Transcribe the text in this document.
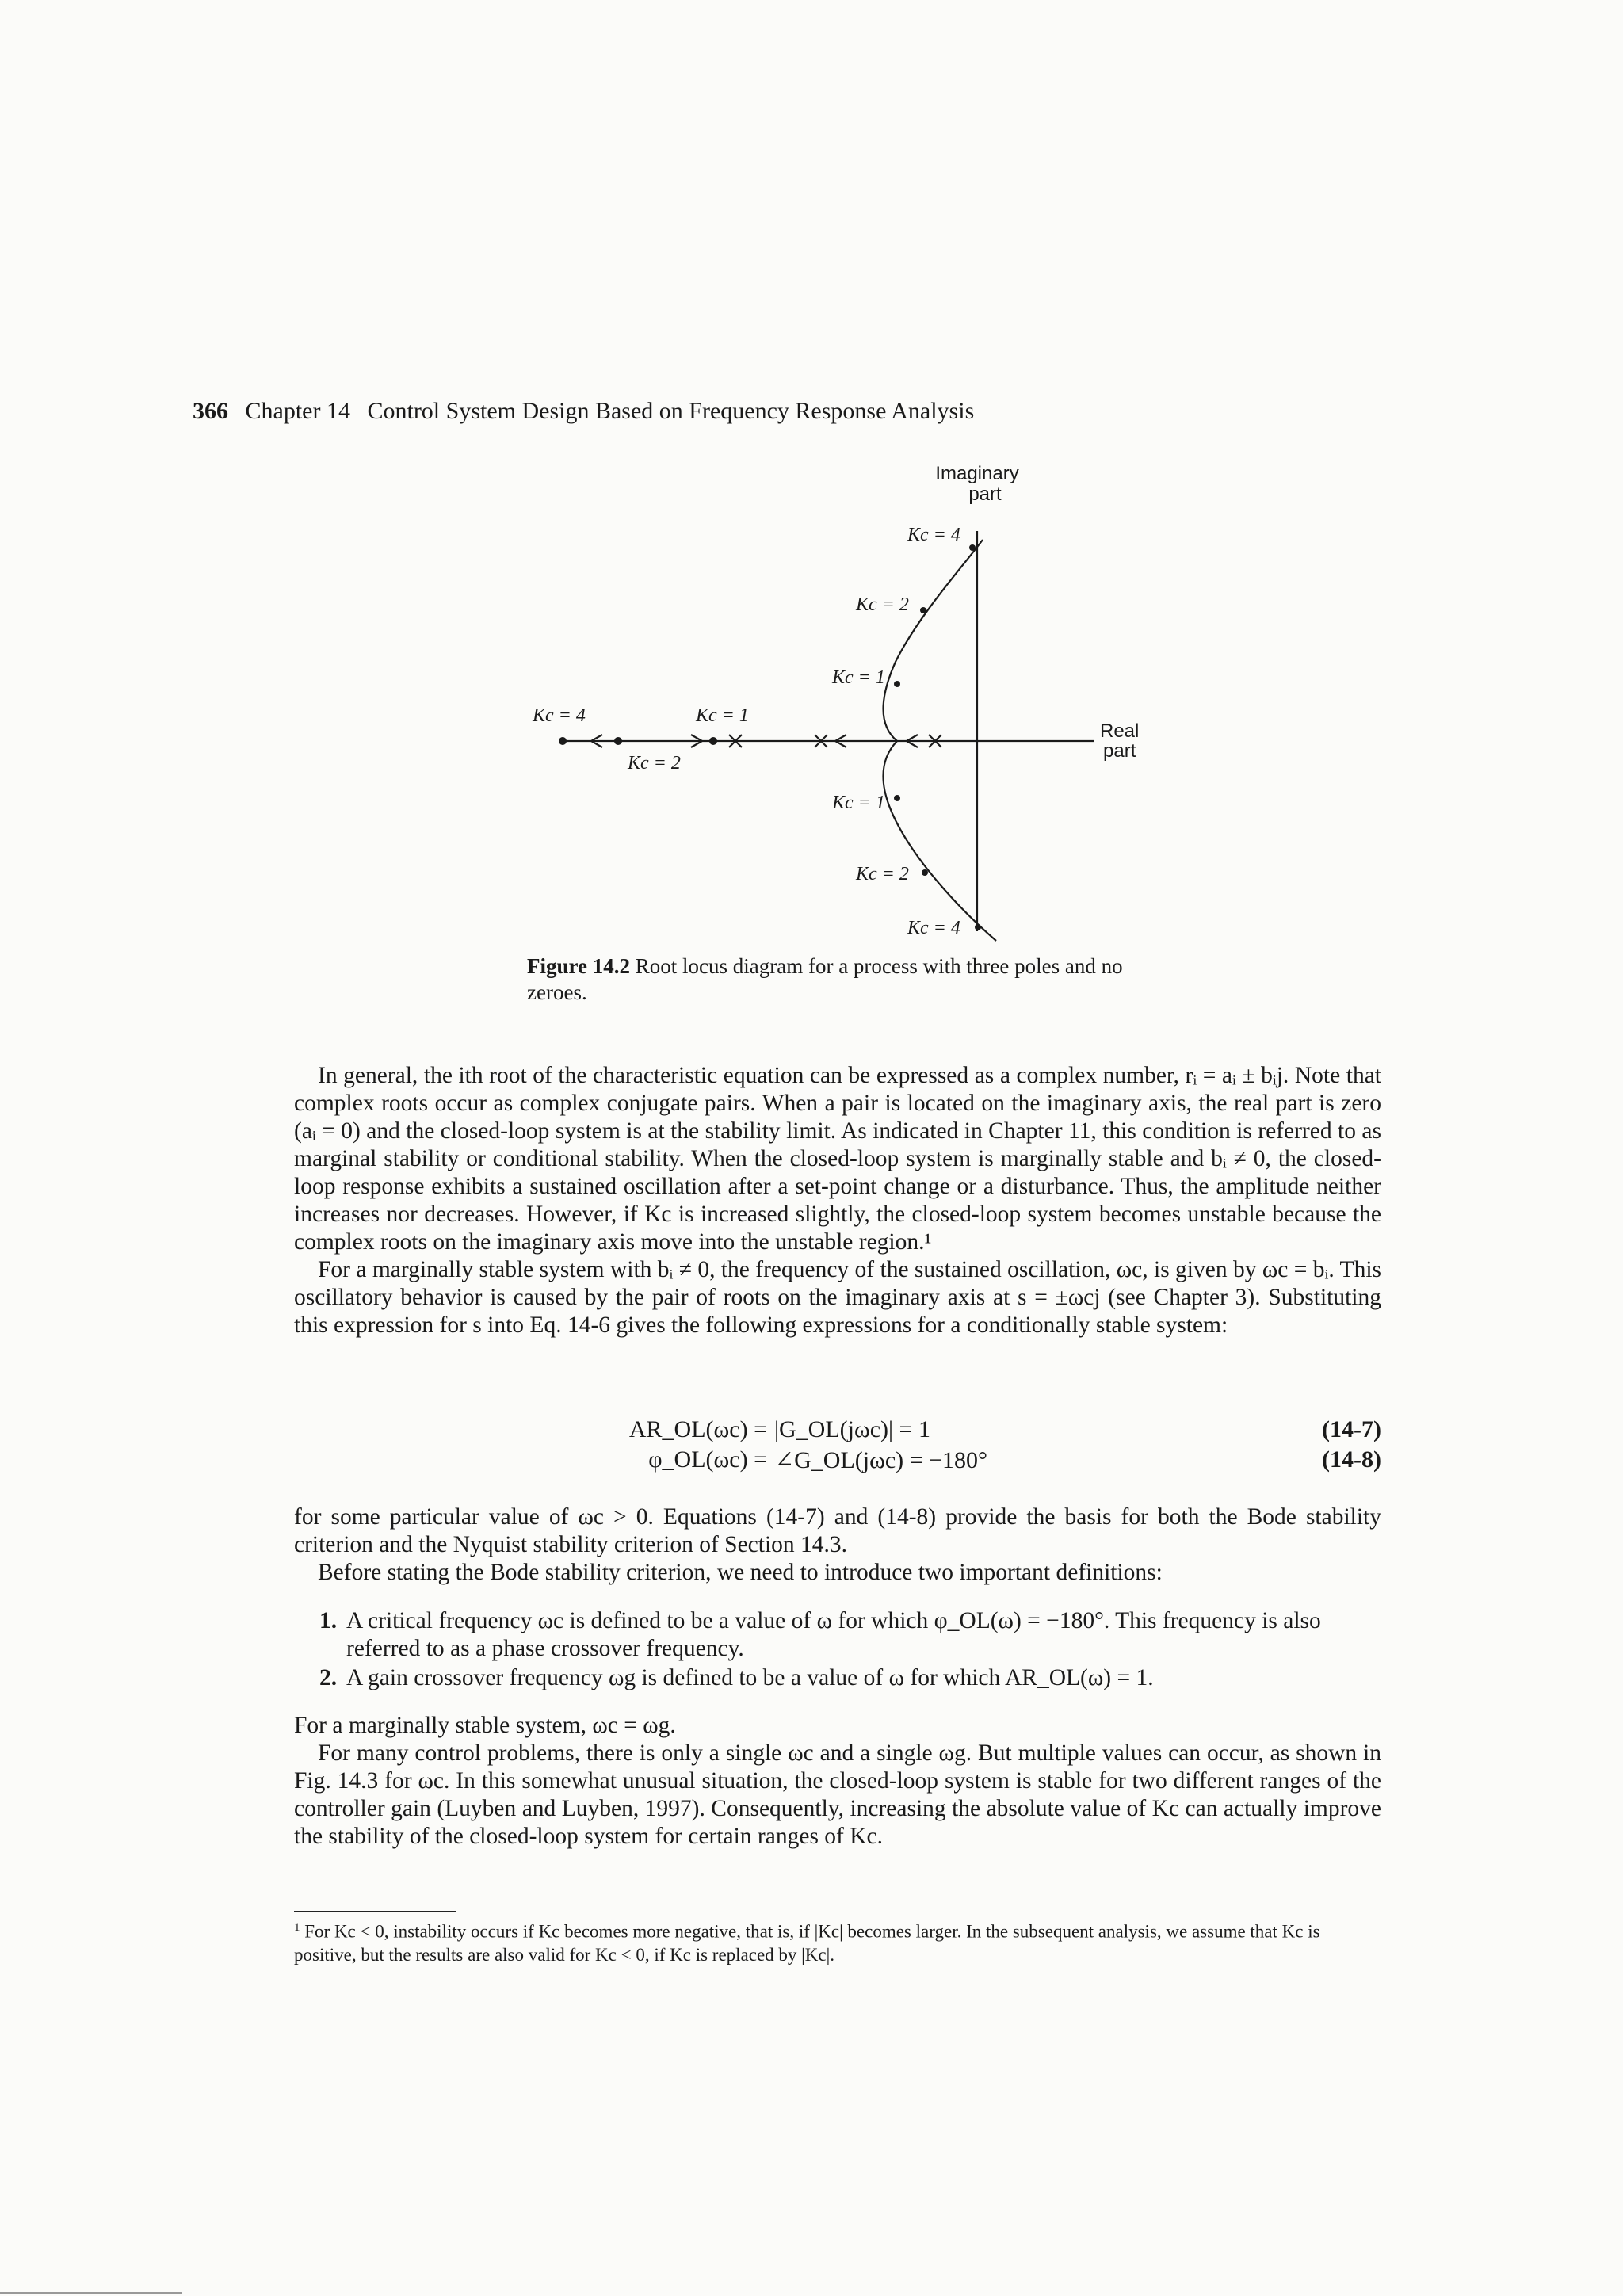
366 Chapter 14 Control System Design Based on Frequency Response Analysis
Imaginary
part
Real
part
Kc = 4
Kc = 2
Kc = 1
Kc = 1
Kc = 2
Kc = 4
Kc = 4	Kc = 1
Kc = 2
Figure 14.2 Root locus diagram for a process with three poles and no zeroes.

In general, the ith root of the characteristic equation can be expressed as a complex number, rᵢ = aᵢ ± bᵢj. Note that complex roots occur as complex conjugate pairs. When a pair is located on the imaginary axis, the real part is zero (aᵢ = 0) and the closed-loop system is at the stability limit. As indicated in Chapter 11, this condition is referred to as marginal stability or conditional stability. When the closed-loop system is marginally stable and bᵢ ≠ 0, the closed-loop response exhibits a sustained oscillation after a set-point change or a disturbance. Thus, the amplitude neither increases nor decreases. However, if Kc is increased slightly, the closed-loop system becomes unstable because the complex roots on the imaginary axis move into the unstable region.¹

For a marginally stable system with bᵢ ≠ 0, the frequency of the sustained oscillation, ωc, is given by ωc = bᵢ. This oscillatory behavior is caused by the pair of roots on the imaginary axis at s = ±ωcj (see Chapter 3). Substituting this expression for s into Eq. 14-6 gives the following expressions for a conditionally stable system:

AR_OL(ωc) = |G_OL(jωc)| = 1	(14-7)
φ_OL(ωc) = ∠G_OL(jωc) = −180°	(14-8)

for some particular value of ωc > 0. Equations (14-7) and (14-8) provide the basis for both the Bode stability criterion and the Nyquist stability criterion of Section 14.3.

Before stating the Bode stability criterion, we need to introduce two important definitions:

1. A critical frequency ωc is defined to be a value of ω for which φ_OL(ω) = −180°. This frequency is also referred to as a phase crossover frequency.
2. A gain crossover frequency ωg is defined to be a value of ω for which AR_OL(ω) = 1.

For a marginally stable system, ωc = ωg.

For many control problems, there is only a single ωc and a single ωg. But multiple values can occur, as shown in Fig. 14.3 for ωc. In this somewhat unusual situation, the closed-loop system is stable for two different ranges of the controller gain (Luyben and Luyben, 1997). Consequently, increasing the absolute value of Kc can actually improve the stability of the closed-loop system for certain ranges of Kc.

$^1$ For Kc < 0, instability occurs if Kc becomes more negative, that is, if |Kc| becomes larger. In the subsequent analysis, we assume that Kc is positive, but the results are also valid for Kc < 0, if Kc is replaced by |Kc|.
